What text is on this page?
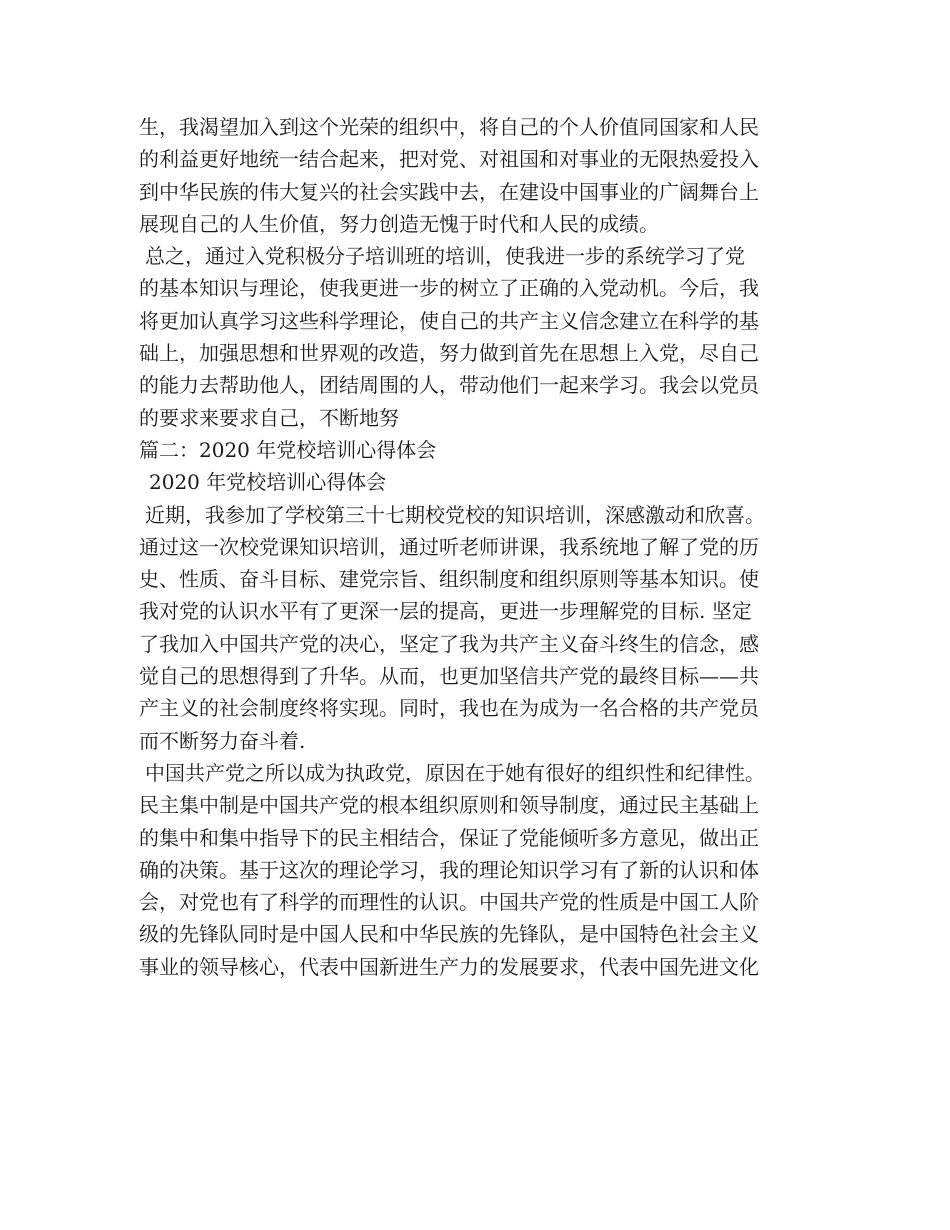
生，我渴望加入到这个光荣的组织中，将自己的个人价值同国家和人民
的利益更好地统一结合起来，把对党、对祖国和对事业的无限热爱投入
到中华民族的伟大复兴的社会实践中去，在建设中国事业的广阔舞台上
展现自己的人生价值，努力创造无愧于时代和人民的成绩。
总之，通过入党积极分子培训班的培训，使我进一步的系统学习了党
的基本知识与理论，使我更进一步的树立了正确的入党动机。今后，我
将更加认真学习这些科学理论，使自己的共产主义信念建立在科学的基
础上，加强思想和世界观的改造，努力做到首先在思想上入党，尽自己
的能力去帮助他人，团结周围的人，带动他们一起来学习。我会以党员
的要求来要求自己，不断地努
篇二：2020 年党校培训心得体会
2020 年党校培训心得体会
近期，我参加了学校第三十七期校党校的知识培训，深感激动和欣喜。
通过这一次校党课知识培训，通过听老师讲课，我系统地了解了党的历
史、性质、奋斗目标、建党宗旨、组织制度和组织原则等基本知识。使
我对党的认识水平有了更深一层的提高，更进一步理解党的目标. 坚定
了我加入中国共产党的决心，坚定了我为共产主义奋斗终生的信念，感
觉自己的思想得到了升华。从而，也更加坚信共产党的最终目标——共
产主义的社会制度终将实现。同时，我也在为成为一名合格的共产党员
而不断努力奋斗着.
中国共产党之所以成为执政党，原因在于她有很好的组织性和纪律性。
民主集中制是中国共产党的根本组织原则和领导制度，通过民主基础上
的集中和集中指导下的民主相结合，保证了党能倾听多方意见，做出正
确的决策。基于这次的理论学习，我的理论知识学习有了新的认识和体
会，对党也有了科学的而理性的认识。中国共产党的性质是中国工人阶
级的先锋队同时是中国人民和中华民族的先锋队，是中国特色社会主义
事业的领导核心，代表中国新进生产力的发展要求，代表中国先进文化
